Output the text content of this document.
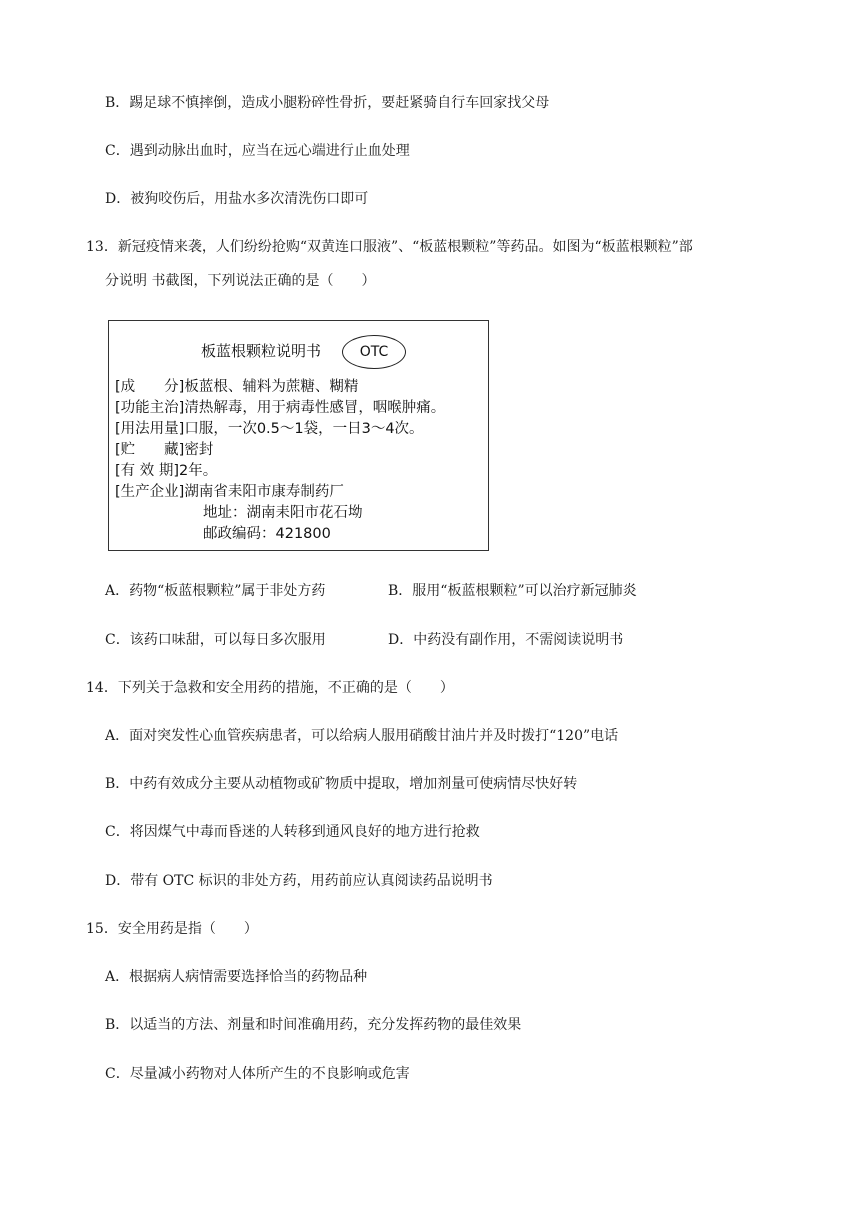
B．踢足球不慎摔倒，造成小腿粉碎性骨折，要赶紧骑自行车回家找父母
C．遇到动脉出血时，应当在远心端进行止血处理
D．被狗咬伤后，用盐水多次清洗伤口即可
13．新冠疫情来袭，人们纷纷抢购“双黄连口服液”、“板蓝根颗粒”等药品。如图为“板蓝根颗粒”部
分说明 书截图，下列说法正确的是（　　）
板蓝根颗粒说明书	OTC
[成　　分]板蓝根、辅料为蔗糖、糊精
[功能主治]清热解毒，用于病毒性感冒，咽喉肿痛。
[用法用量]口服，一次0.5～1袋，一日3～4次。
[贮　　藏]密封
[有 效 期]2年。
[生产企业]湖南省耒阳市康寿制药厂
地址：湖南耒阳市花石坳
邮政编码：421800
A．药物“板蓝根颗粒”属于非处方药	B．服用“板蓝根颗粒”可以治疗新冠肺炎
C．该药口味甜，可以每日多次服用	D．中药没有副作用，不需阅读说明书
14．下列关于急救和安全用药的措施，不正确的是（　　）
A．面对突发性心血管疾病患者，可以给病人服用硝酸甘油片并及时拨打“120”电话
B．中药有效成分主要从动植物或矿物质中提取，增加剂量可使病情尽快好转
C．将因煤气中毒而昏迷的人转移到通风良好的地方进行抢救
D．带有 OTC 标识的非处方药，用药前应认真阅读药品说明书
15．安全用药是指（　　）
A．根据病人病情需要选择恰当的药物品种
B．以适当的方法、剂量和时间准确用药，充分发挥药物的最佳效果
C．尽量减小药物对人体所产生的不良影响或危害
